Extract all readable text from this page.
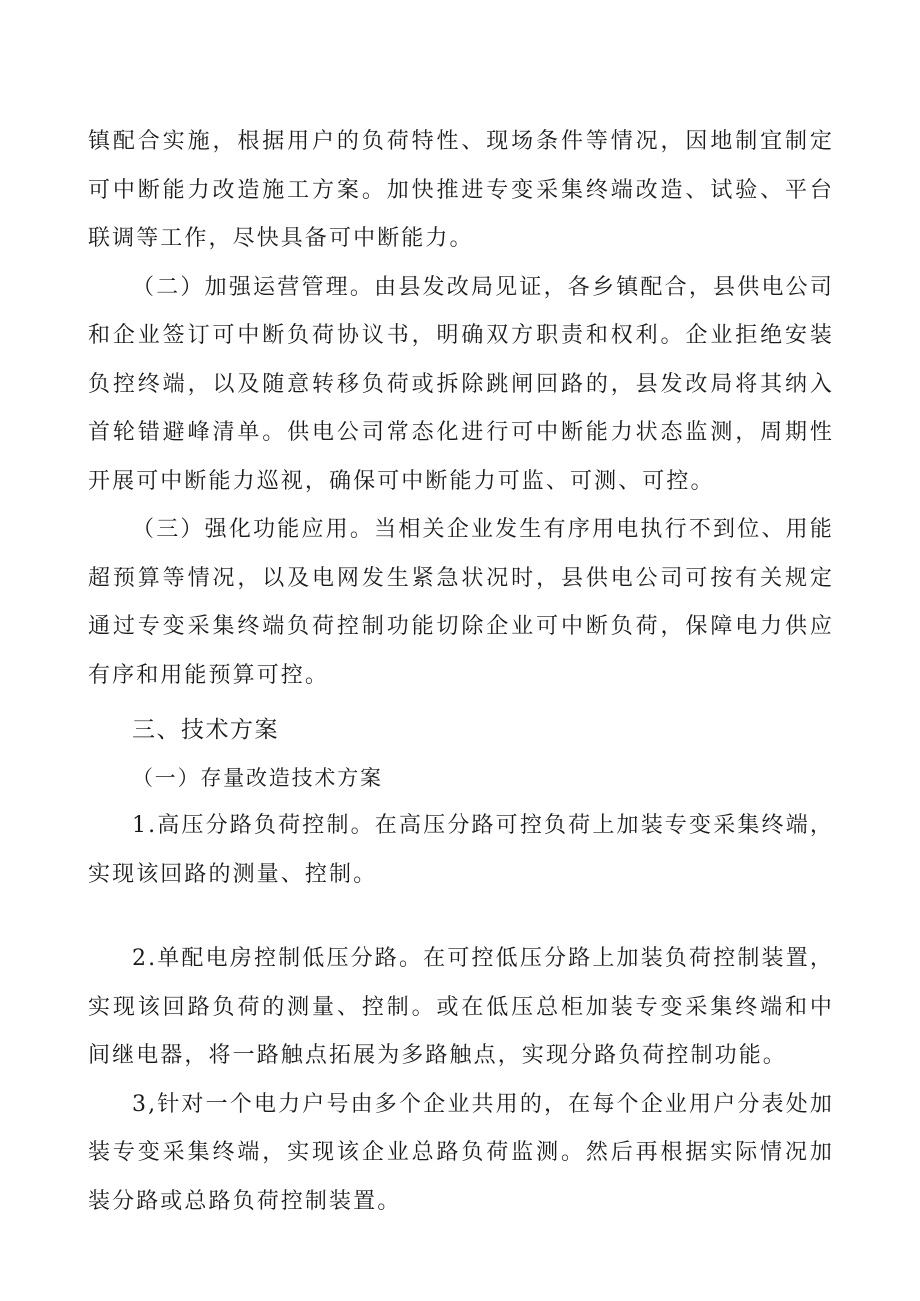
镇配合实施，根据用户的负荷特性、现场条件等情况，因地制宜制定可中断能力改造施工方案。加快推进专变采集终端改造、试验、平台联调等工作，尽快具备可中断能力。

（二）加强运营管理。由县发改局见证，各乡镇配合，县供电公司和企业签订可中断负荷协议书，明确双方职责和权利。企业拒绝安装负控终端，以及随意转移负荷或拆除跳闸回路的，县发改局将其纳入首轮错避峰清单。供电公司常态化进行可中断能力状态监测，周期性开展可中断能力巡视，确保可中断能力可监、可测、可控。

（三）强化功能应用。当相关企业发生有序用电执行不到位、用能超预算等情况，以及电网发生紧急状况时，县供电公司可按有关规定通过专变采集终端负荷控制功能切除企业可中断负荷，保障电力供应有序和用能预算可控。

三、技术方案

（一）存量改造技术方案

1.高压分路负荷控制。在高压分路可控负荷上加装专变采集终端，实现该回路的测量、控制。

2.单配电房控制低压分路。在可控低压分路上加装负荷控制装置，实现该回路负荷的测量、控制。或在低压总柜加装专变采集终端和中间继电器，将一路触点拓展为多路触点，实现分路负荷控制功能。

3,针对一个电力户号由多个企业共用的，在每个企业用户分表处加装专变采集终端，实现该企业总路负荷监测。然后再根据实际情况加装分路或总路负荷控制装置。
